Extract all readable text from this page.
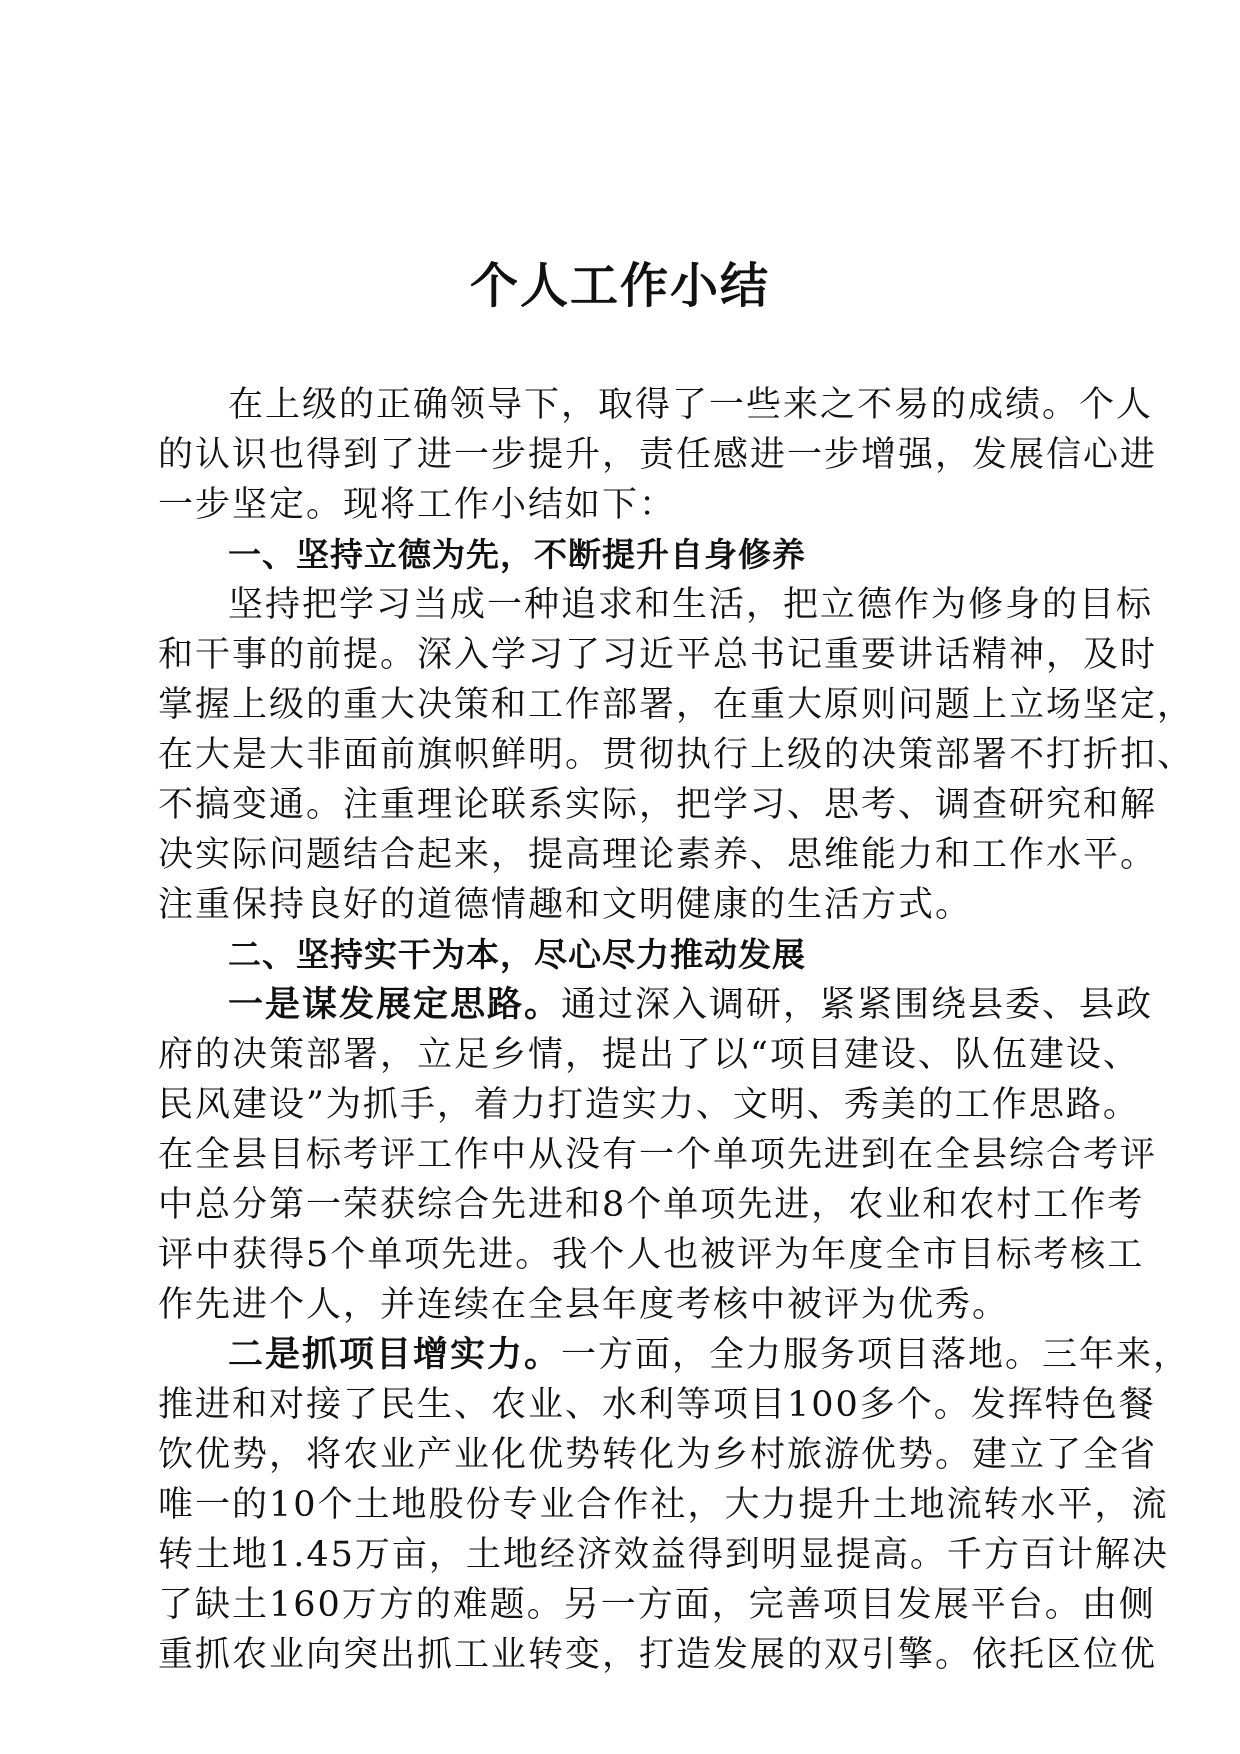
个人工作小结
在上级的正确领导下，取得了一些来之不易的成绩。个人
的认识也得到了进一步提升，责任感进一步增强，发展信心进
一步坚定。现将工作小结如下：
一、坚持立德为先，不断提升自身修养
坚持把学习当成一种追求和生活，把立德作为修身的目标
和干事的前提。深入学习了习近平总书记重要讲话精神，及时
掌握上级的重大决策和工作部署，在重大原则问题上立场坚定，
在大是大非面前旗帜鲜明。贯彻执行上级的决策部署不打折扣、
不搞变通。注重理论联系实际，把学习、思考、调查研究和解
决实际问题结合起来，提高理论素养、思维能力和工作水平。
注重保持良好的道德情趣和文明健康的生活方式。
二、坚持实干为本，尽心尽力推动发展
一是谋发展定思路。通过深入调研，紧紧围绕县委、县政
府的决策部署，立足乡情，提出了以“项目建设、队伍建设、
民风建设”为抓手，着力打造实力、文明、秀美的工作思路。
在全县目标考评工作中从没有一个单项先进到在全县综合考评
中总分第一荣获综合先进和8个单项先进，农业和农村工作考
评中获得5个单项先进。我个人也被评为年度全市目标考核工
作先进个人，并连续在全县年度考核中被评为优秀。
二是抓项目增实力。一方面，全力服务项目落地。三年来，
推进和对接了民生、农业、水利等项目100多个。发挥特色餐
饮优势，将农业产业化优势转化为乡村旅游优势。建立了全省
唯一的10个土地股份专业合作社，大力提升土地流转水平，流
转土地1.45万亩，土地经济效益得到明显提高。千方百计解决
了缺土160万方的难题。另一方面，完善项目发展平台。由侧
重抓农业向突出抓工业转变，打造发展的双引擎。依托区位优
